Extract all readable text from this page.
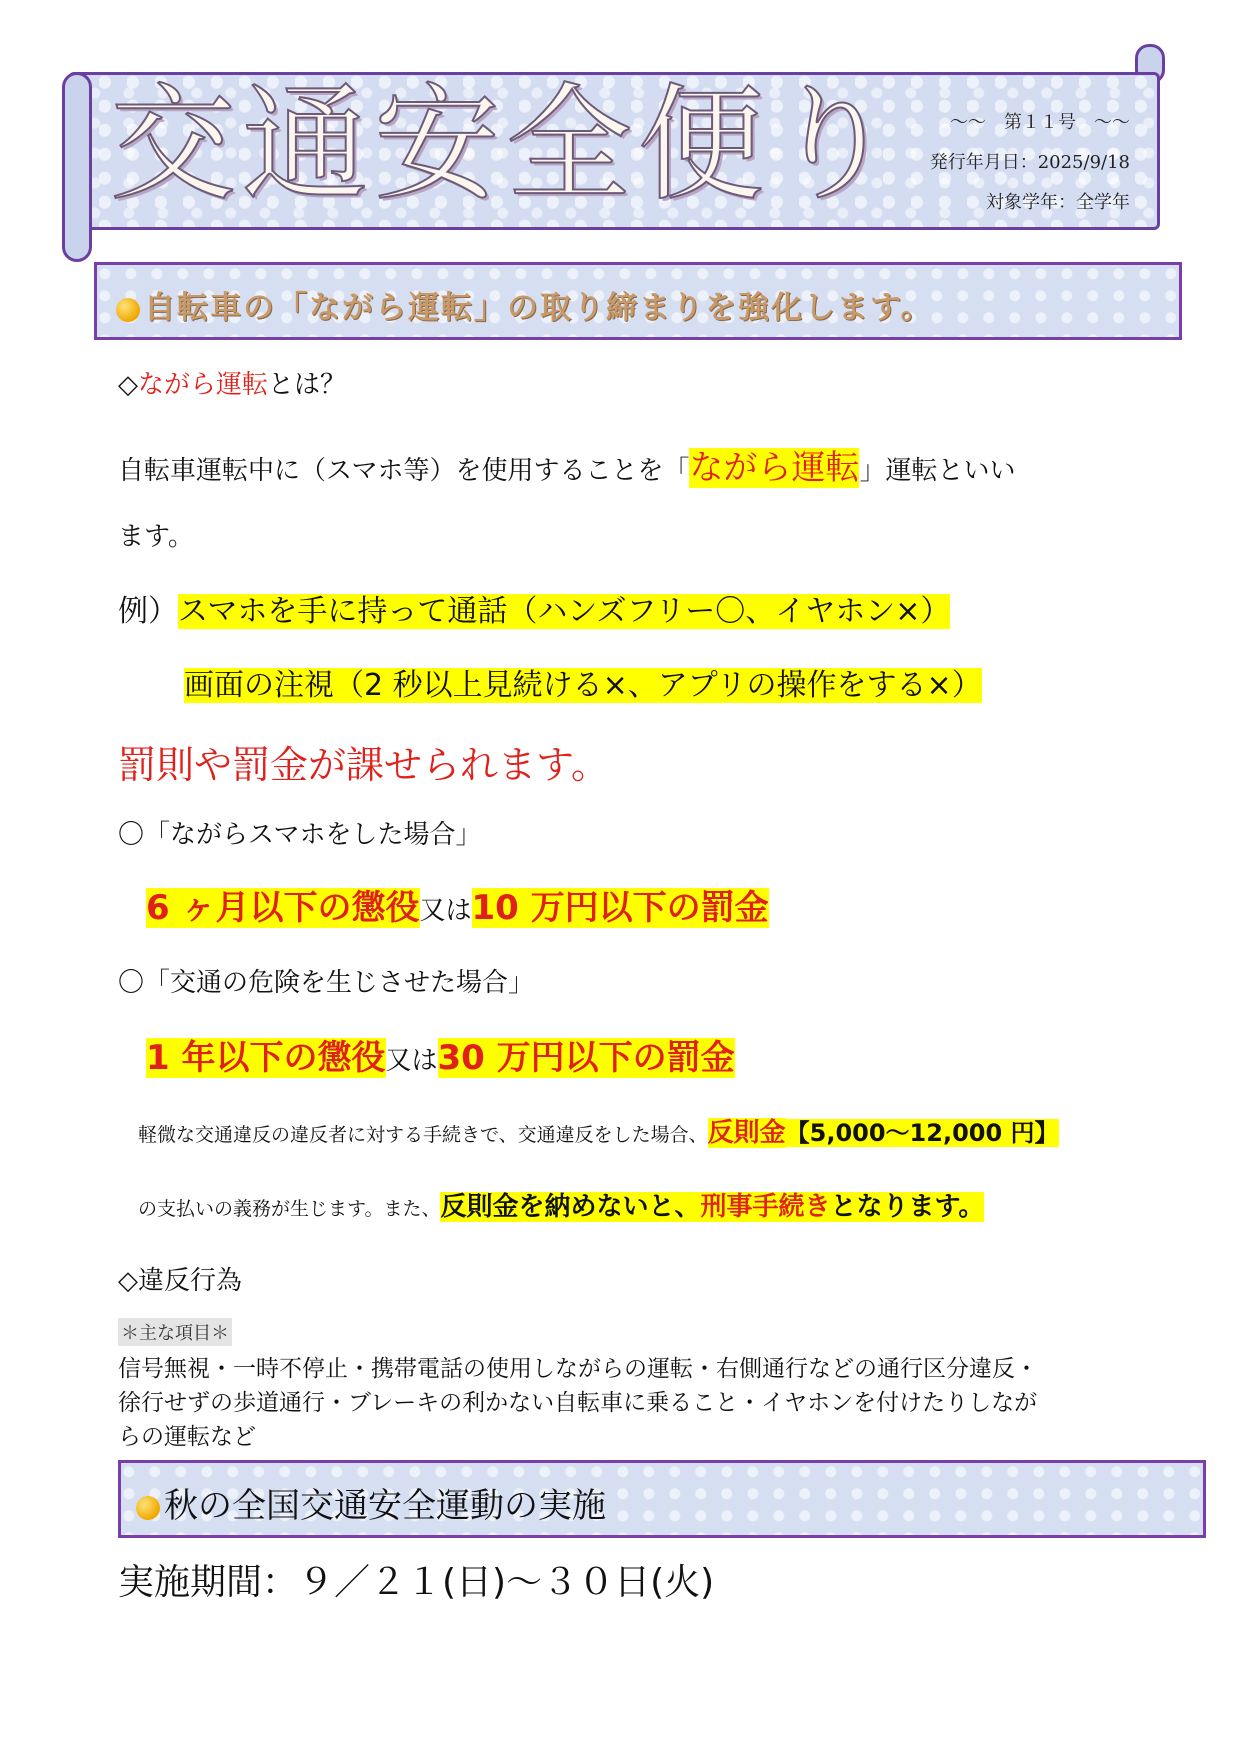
交通安全便り	～～　第１１号　～～
発行年月日：2025/9/18
対象学年：全学年
自転車の「ながら運転」の取り締まりを強化します。
◇ながら運転とは？
自転車運転中に（スマホ等）を使用することを「ながら運転」運転といい
ます。
例）スマホを手に持って通話（ハンズフリー〇、イヤホン×）
画面の注視（2 秒以上見続ける×、アプリの操作をする×）
罰則や罰金が課せられます。
〇「ながらスマホをした場合」
6 ヶ月以下の懲役又は10 万円以下の罰金
〇「交通の危険を生じさせた場合」
1 年以下の懲役又は30 万円以下の罰金
軽微な交通違反の違反者に対する手続きで、交通違反をした場合、反則金【5,000～12,000 円】
の支払いの義務が生じます。また、反則金を納めないと、刑事手続きとなります。
◇違反行為
＊主な項目＊
信号無視・一時不停止・携帯電話の使用しながらの運転・右側通行などの通行区分違反・
徐行せずの歩道通行・ブレーキの利かない自転車に乗ること・イヤホンを付けたりしなが
らの運転など
秋の全国交通安全運動の実施
実施期間：９／２１(日)～３０日(火)
